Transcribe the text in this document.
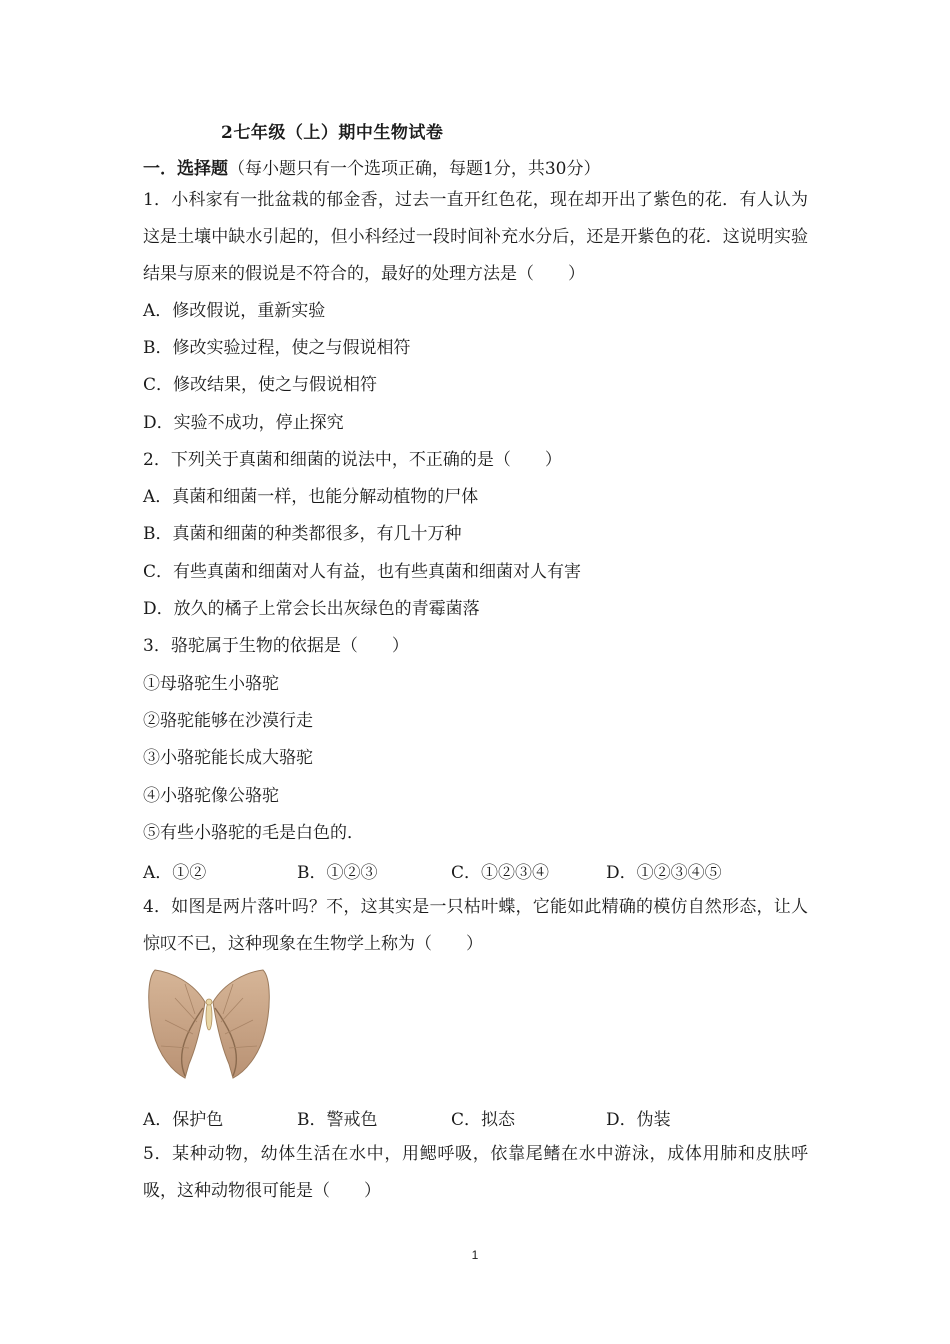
2七年级（上）期中生物试卷
一．选择题（每小题只有一个选项正确，每题1分，共30分）
1．小科家有一批盆栽的郁金香，过去一直开红色花，现在却开出了紫色的花．有人认为这是土壤中缺水引起的，但小科经过一段时间补充水分后，还是开紫色的花．这说明实验结果与原来的假说是不符合的，最好的处理方法是（　　）
A．修改假说，重新实验
B．修改实验过程，使之与假说相符
C．修改结果，使之与假说相符
D．实验不成功，停止探究
2．下列关于真菌和细菌的说法中，不正确的是（　　）
A．真菌和细菌一样，也能分解动植物的尸体
B．真菌和细菌的种类都很多，有几十万种
C．有些真菌和细菌对人有益，也有些真菌和细菌对人有害
D．放久的橘子上常会长出灰绿色的青霉菌落
3．骆驼属于生物的依据是（　　）
①母骆驼生小骆驼
②骆驼能够在沙漠行走
③小骆驼能长成大骆驼
④小骆驼像公骆驼
⑤有些小骆驼的毛是白色的．
A．①②	B．①②③	C．①②③④	D．①②③④⑤
4．如图是两片落叶吗？不，这其实是一只枯叶蝶，它能如此精确的模仿自然形态，让人惊叹不已，这种现象在生物学上称为（　　）
A．保护色	B．警戒色	C．拟态	D．伪装
5．某种动物，幼体生活在水中，用鳃呼吸，依靠尾鳍在水中游泳，成体用肺和皮肤呼吸，这种动物很可能是（　　）
1
